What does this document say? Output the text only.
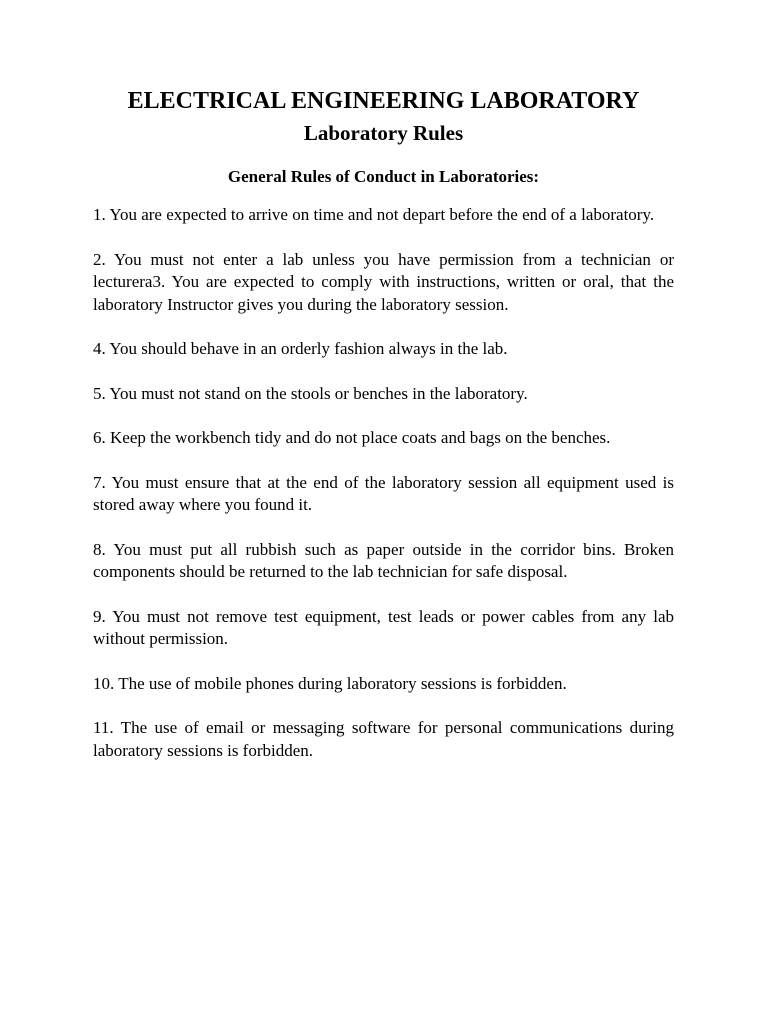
ELECTRICAL ENGINEERING LABORATORY
Laboratory Rules
General Rules of Conduct in Laboratories:
1. You are expected to arrive on time and not depart before the end of a laboratory.
2. You must not enter a lab unless you have permission from a technician or lecturera3. You are expected to comply with instructions, written or oral, that the laboratory Instructor gives you during the laboratory session.
4. You should behave in an orderly fashion always in the lab.
5. You must not stand on the stools or benches in the laboratory.
6. Keep the workbench tidy and do not place coats and bags on the benches.
7. You must ensure that at the end of the laboratory session all equipment used is stored away where you found it.
8. You must put all rubbish such as paper outside in the corridor bins. Broken components should be returned to the lab technician for safe disposal.
9. You must not remove test equipment, test leads or power cables from any lab without permission.
10. The use of mobile phones during laboratory sessions is forbidden.
11. The use of email or messaging software for personal communications during laboratory sessions is forbidden.
